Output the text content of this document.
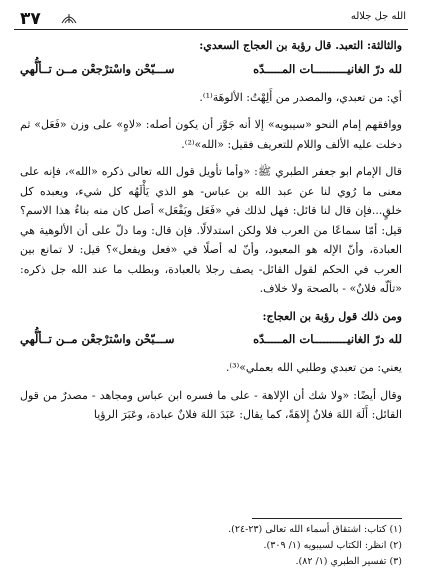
الله جل جلاله
٣٧

والثالثة: التعبد. قال رؤبة بن العجاج السعدي:

لله درّ الغانيــــــــــات المـــــدّه
ســـبّحْن واسْترْجعْن مــن تــألُّهي

أي: من تعبدي، والمصدر من أَلِهْتُ: الألوهَة⁽¹⁾.

ووافقهم إمام النحو «سيبويه» إلا أنه جَوَّز أن يكون أصله: «لاهٍ» على وزن «فَعَل» ثم دخلت عليه الألف واللام للتعريف فقيل: «الله»⁽²⁾.

قال الإمام ابو جعفر الطبري ﷺ: «وأما تأويل قول الله تعالى ذكره «الله»، فإنه على معنى ما رُوي لنا عن عبد الله بن عباس- هو الذي يَأْلَهُه كل شيء، ويعبده كل خلقٍ...فإن قال لنا قائل: فهل لذلك في «فَعَل ويَفْعَل» أصل كان منه بناءُ هذا الاسم؟ قيل: أمّا سماعًا من العرب فلا ولكن استدلالًا. فإن قال: وما دلّ على أن الألوهية هي العبادة، وأنّ الإله هو المعبود، وأنّ له أصلًا في «فعل ويفعل»؟ قيل: لا تمانع بين العرب في الحكم لقول القائل- يصف رجلا بالعبادة، وبطلب ما عند الله جل ذكره: «تألّه فلانٌ» - بالصحة ولا خلاف.

ومن ذلك قول رؤبة بن العجاج:

لله درّ الغانيــــــــــات المـــــدّه
ســـبّحْن واسْترْجعْن مــن تــألُّهي

يعني: من تعبدي وطلبي الله بعملي»⁽³⁾.

وقال أيضًا: «ولا شك أن الإلاهة - على ما فسره ابن عباس ومجاهد - مصدرٌ من قول القائل: أَلَهَ اللهَ فلانٌ إِلاهَةً، كما يقال: عَبَدَ اللهَ فلانٌ عبادة، وعَبَرَ الرؤيا

(١) كتاب: اشتقاق أسماء الله تعالى (٢٣-٢٤).
(٢) انظر: الكتاب لسيبويه (١/ ٣٠٩).
(٣) تفسير الطبري (١/ ٨٢).
